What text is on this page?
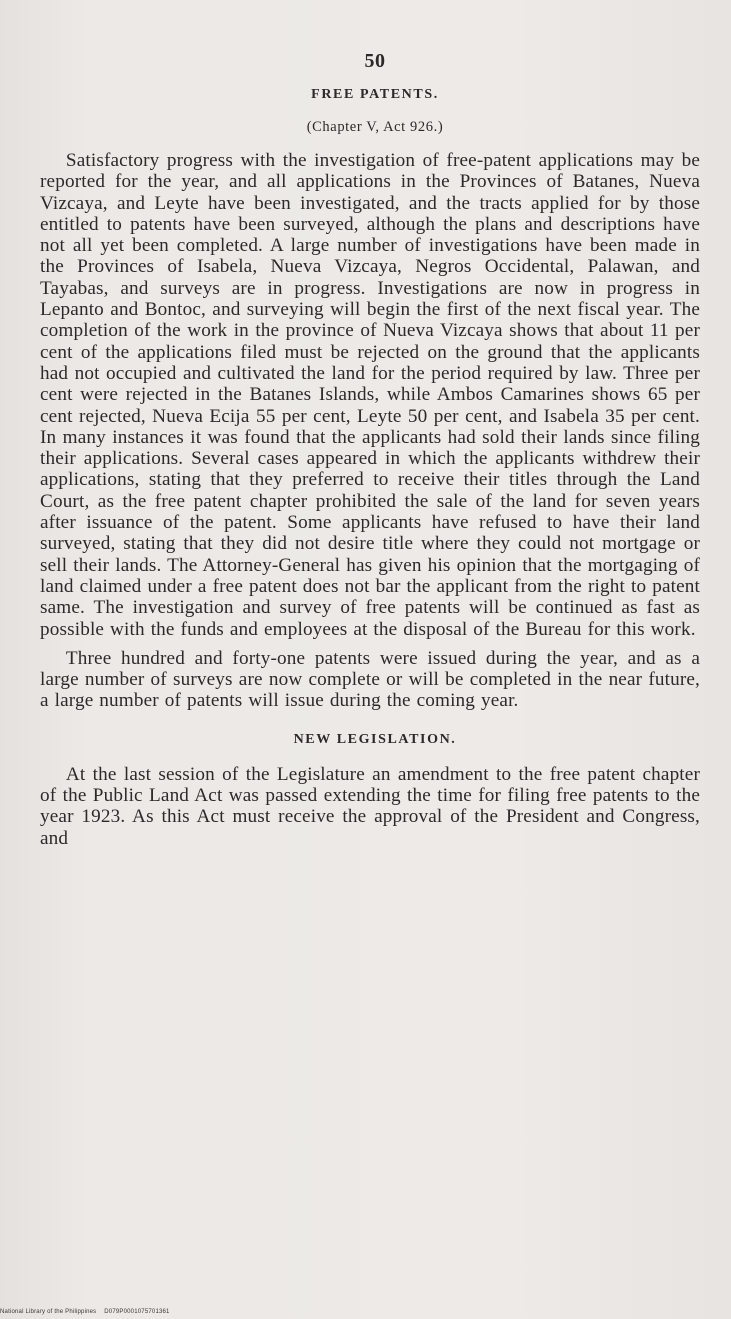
50
FREE PATENTS.
(Chapter V, Act 926.)

Satisfactory progress with the investigation of free-patent applications may be reported for the year, and all applications in the Provinces of Batanes, Nueva Vizcaya, and Leyte have been investigated, and the tracts applied for by those entitled to patents have been surveyed, although the plans and descriptions have not all yet been completed. A large number of investigations have been made in the Provinces of Isabela, Nueva Vizcaya, Negros Occidental, Palawan, and Tayabas, and surveys are in progress. Investigations are now in progress in Lepanto and Bontoc, and surveying will begin the first of the next fiscal year. The completion of the work in the province of Nueva Vizcaya shows that about 11 per cent of the applications filed must be rejected on the ground that the applicants had not occupied and cultivated the land for the period required by law. Three per cent were rejected in the Batanes Islands, while Ambos Camarines shows 65 per cent rejected, Nueva Ecija 55 per cent, Leyte 50 per cent, and Isabela 35 per cent. In many instances it was found that the applicants had sold their lands since filing their applications. Several cases appeared in which the applicants withdrew their applications, stating that they preferred to receive their titles through the Land Court, as the free patent chapter prohibited the sale of the land for seven years after issuance of the patent. Some applicants have refused to have their land surveyed, stating that they did not desire title where they could not mortgage or sell their lands. The Attorney-General has given his opinion that the mortgaging of land claimed under a free patent does not bar the applicant from the right to patent same. The investigation and survey of free patents will be continued as fast as possible with the funds and employees at the disposal of the Bureau for this work.

Three hundred and forty-one patents were issued during the year, and as a large number of surveys are now complete or will be completed in the near future, a large number of patents will issue during the coming year.

NEW LEGISLATION.

At the last session of the Legislature an amendment to the free patent chapter of the Public Land Act was passed extending the time for filing free patents to the year 1923. As this Act must receive the approval of the President and Congress, and

National Library of the Philippines D079P0001075701361
